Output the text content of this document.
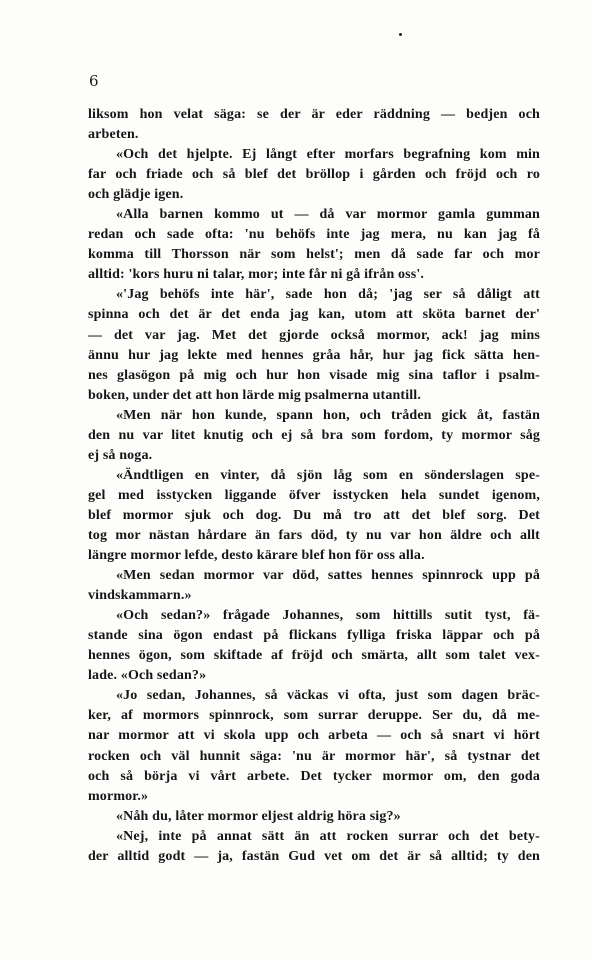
6
liksom hon velat säga: se der är eder räddning — bedjen och
arbeten.
«Och det hjelpte. Ej långt efter morfars begrafning kom min
far och friade och så blef det bröllop i gården och fröjd och ro
och glädje igen.
«Alla barnen kommo ut — då var mormor gamla gumman
redan och sade ofta: 'nu behöfs inte jag mera, nu kan jag få
komma till Thorsson när som helst'; men då sade far och mor
alltid: 'kors huru ni talar, mor; inte får ni gå ifrån oss'.
«'Jag behöfs inte här', sade hon då; 'jag ser så dåligt att
spinna och det är det enda jag kan, utom att sköta barnet der'
— det var jag. Met det gjorde också mormor, ack! jag mins
ännu hur jag lekte med hennes gråa hår, hur jag fick sätta hen-
nes glasögon på mig och hur hon visade mig sina taflor i psalm-
boken, under det att hon lärde mig psalmerna utantill.
«Men när hon kunde, spann hon, och tråden gick åt, fastän
den nu var litet knutig och ej så bra som fordom, ty mormor såg
ej så noga.
«Ändtligen en vinter, då sjön låg som en sönderslagen spe-
gel med isstycken liggande öfver isstycken hela sundet igenom,
blef mormor sjuk och dog. Du må tro att det blef sorg. Det
tog mor nästan hårdare än fars död, ty nu var hon äldre och allt
längre mormor lefde, desto kärare blef hon för oss alla.
«Men sedan mormor var död, sattes hennes spinnrock upp på
vindskammarn.»
«Och sedan?» frågade Johannes, som hittills sutit tyst, fä-
stande sina ögon endast på flickans fylliga friska läppar och på
hennes ögon, som skiftade af fröjd och smärta, allt som talet vex-
lade. «Och sedan?»
«Jo sedan, Johannes, så väckas vi ofta, just som dagen bräc-
ker, af mormors spinnrock, som surrar deruppe. Ser du, då me-
nar mormor att vi skola upp och arbeta — och så snart vi hört
rocken och väl hunnit säga: 'nu är mormor här', så tystnar det
och så börja vi vårt arbete. Det tycker mormor om, den goda
mormor.»
«Nåh du, låter mormor eljest aldrig höra sig?»
«Nej, inte på annat sätt än att rocken surrar och det bety-
der alltid godt — ja, fastän Gud vet om det är så alltid; ty den
